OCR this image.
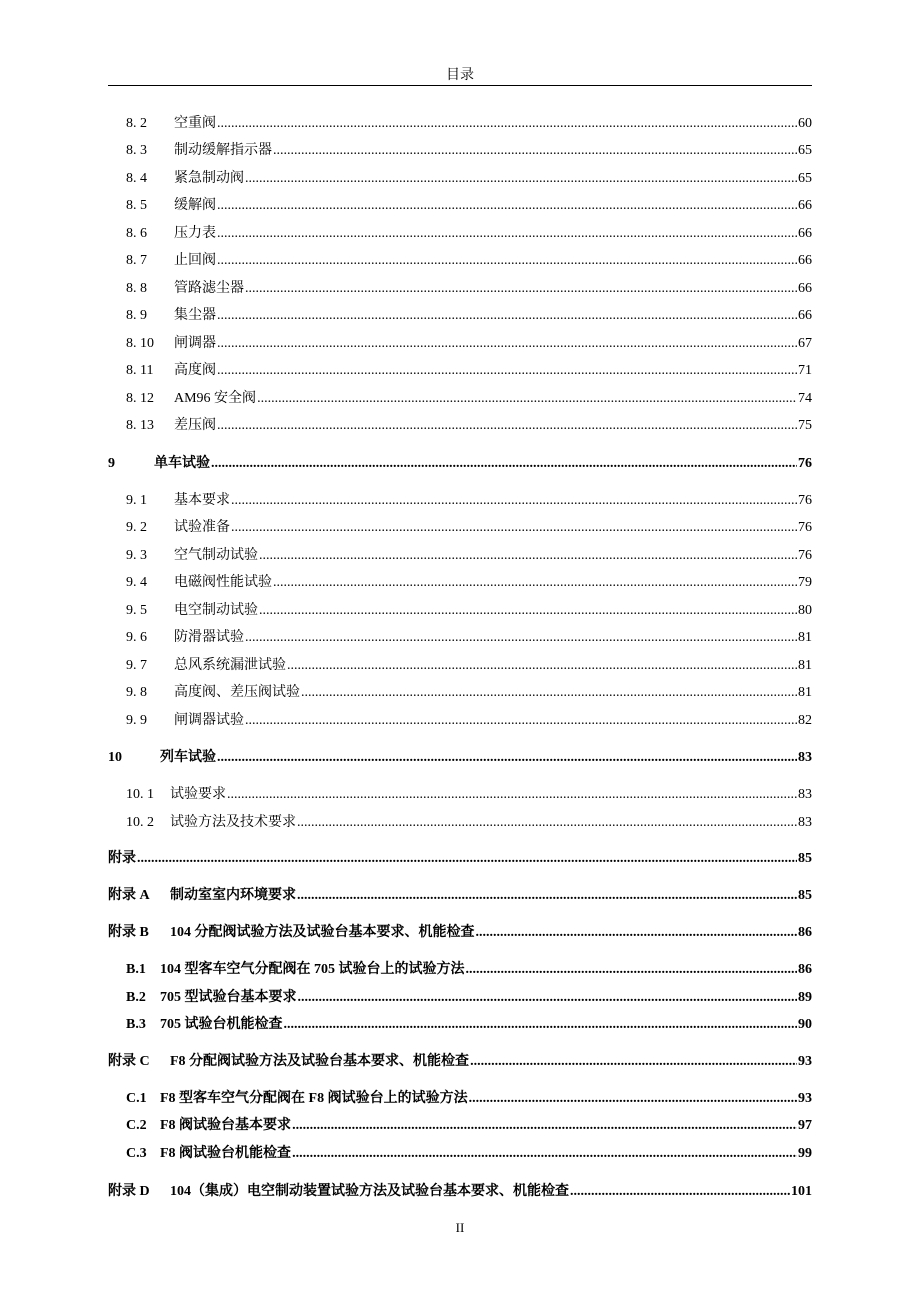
目录
8. 2	空重阀 .....	60
8. 3	制动缓解指示器 .....	65
8. 4	紧急制动阀 .....	65
8. 5	缓解阀 .....	66
8. 6	压力表 .....	66
8. 7	止回阀 .....	66
8. 8	管路滤尘器 .....	66
8. 9	集尘器 .....	66
8. 10	闸调器 .....	67
8. 11	高度阀 .....	71
8. 12	AM96 安全阀 .....	74
8. 13	差压阀 .....	75
9	单车试验 .....	76
9. 1	基本要求 .....	76
9. 2	试验准备 .....	76
9. 3	空气制动试验 .....	76
9. 4	电磁阀性能试验 .....	79
9. 5	电空制动试验 .....	80
9. 6	防滑器试验 .....	81
9. 7	总风系统漏泄试验 .....	81
9. 8	高度阀、差压阀试验 .....	81
9. 9	闸调器试验 .....	82
10	列车试验 .....	83
10. 1	试验要求 .....	83
10. 2	试验方法及技术要求 .....	83
附录 .....	85
附录 A	制动室室内环境要求 .....	85
附录 B	104 分配阀试验方法及试验台基本要求、机能检查 .....	86
B.1	104 型客车空气分配阀在 705 试验台上的试验方法 .....	86
B.2	705 型试验台基本要求 .....	89
B.3	705 试验台机能检查 .....	90
附录 C	F8 分配阀试验方法及试验台基本要求、机能检查 .....	93
C.1 F8 型客车空气分配阀在 F8 阀试验台上的试验方法 .....	93
C.2 F8 阀试验台基本要求 .....	97
C.3 F8 阀试验台机能检查 .....	99
附录 D	104（集成）电空制动装置试验方法及试验台基本要求、机能检查 .....	101
II
